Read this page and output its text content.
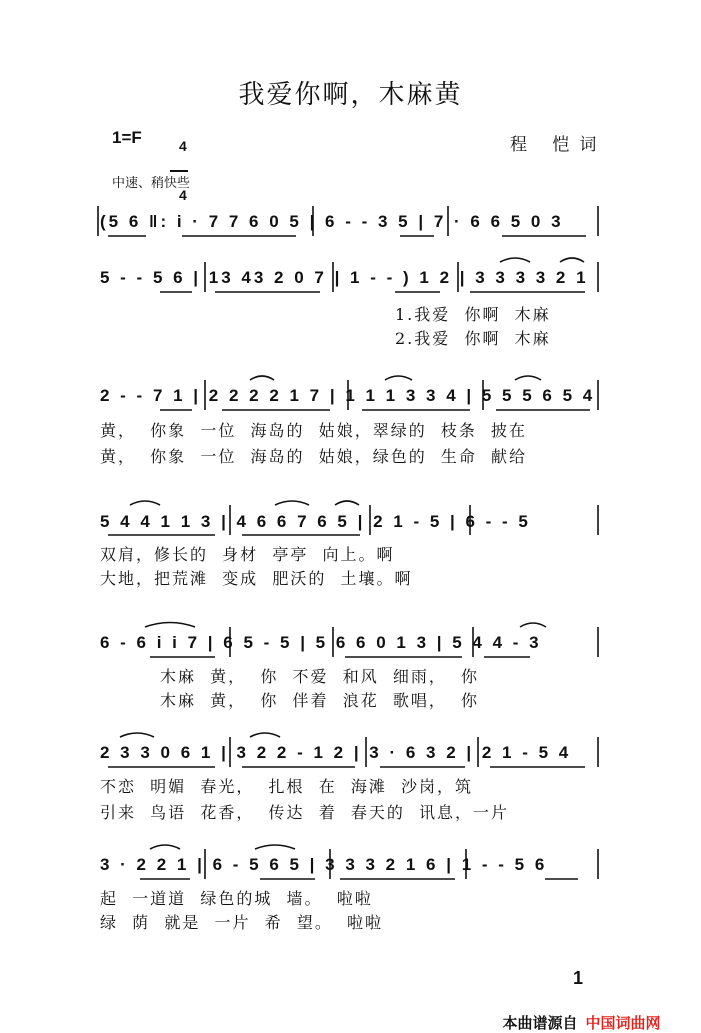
我爱你啊，木麻黄
1=F	4

4

程 恺词
中速、稍快些
(5 6 ‖: i · 7 7 6 0 5 | 6 - - 3 5 | 7 · 6 6 5 0 3
5 - - 5 6 | 13 43 2 0 7 | 1 - - ) 1 2 | 3 3 3 3 2 1
1.我爱  你啊  木麻
2.我爱  你啊  木麻
2 - - 7 1 | 2 2 2 2 1 7 | 1 1 1 3 3 4 | 5 5 5 6 5 4
黄，  你象  一位  海岛的  姑娘，翠绿的  枝条  披在
黄，  你象  一位  海岛的  姑娘，绿色的  生命  献给
5 4 4 1 1 3 | 4 6 6 7 6 5 | 2 1 - 5 | 6 - - 5
双肩，修长的  身材  亭亭  向上。啊
大地，把荒滩  变成  肥沃的  土壤。啊
6 - 6 i i 7 | 6 5 - 5 | 5 6 6 0 1 3 | 5 4 4 - 3
木麻  黄，  你  不爱  和风  细雨，  你
木麻  黄，  你  伴着  浪花  歌唱，  你
2 3 3 0 6 1 | 3 2 2 - 1 2 | 3 · 6 3 2 | 2 1 - 5 4
不恋  明媚  春光，  扎根  在  海滩  沙岗，筑
引来  鸟语  花香，  传达  着  春天的  讯息，一片
3 · 2 2 1 | 6 - 5 6 5 | 3 3 3 2 1 6 | 1 - - 5 6
起  一道道  绿色的城  墙。  啦啦
绿  荫  就是  一片  希  望。  啦啦
1

本曲谱源自 中国词曲网
